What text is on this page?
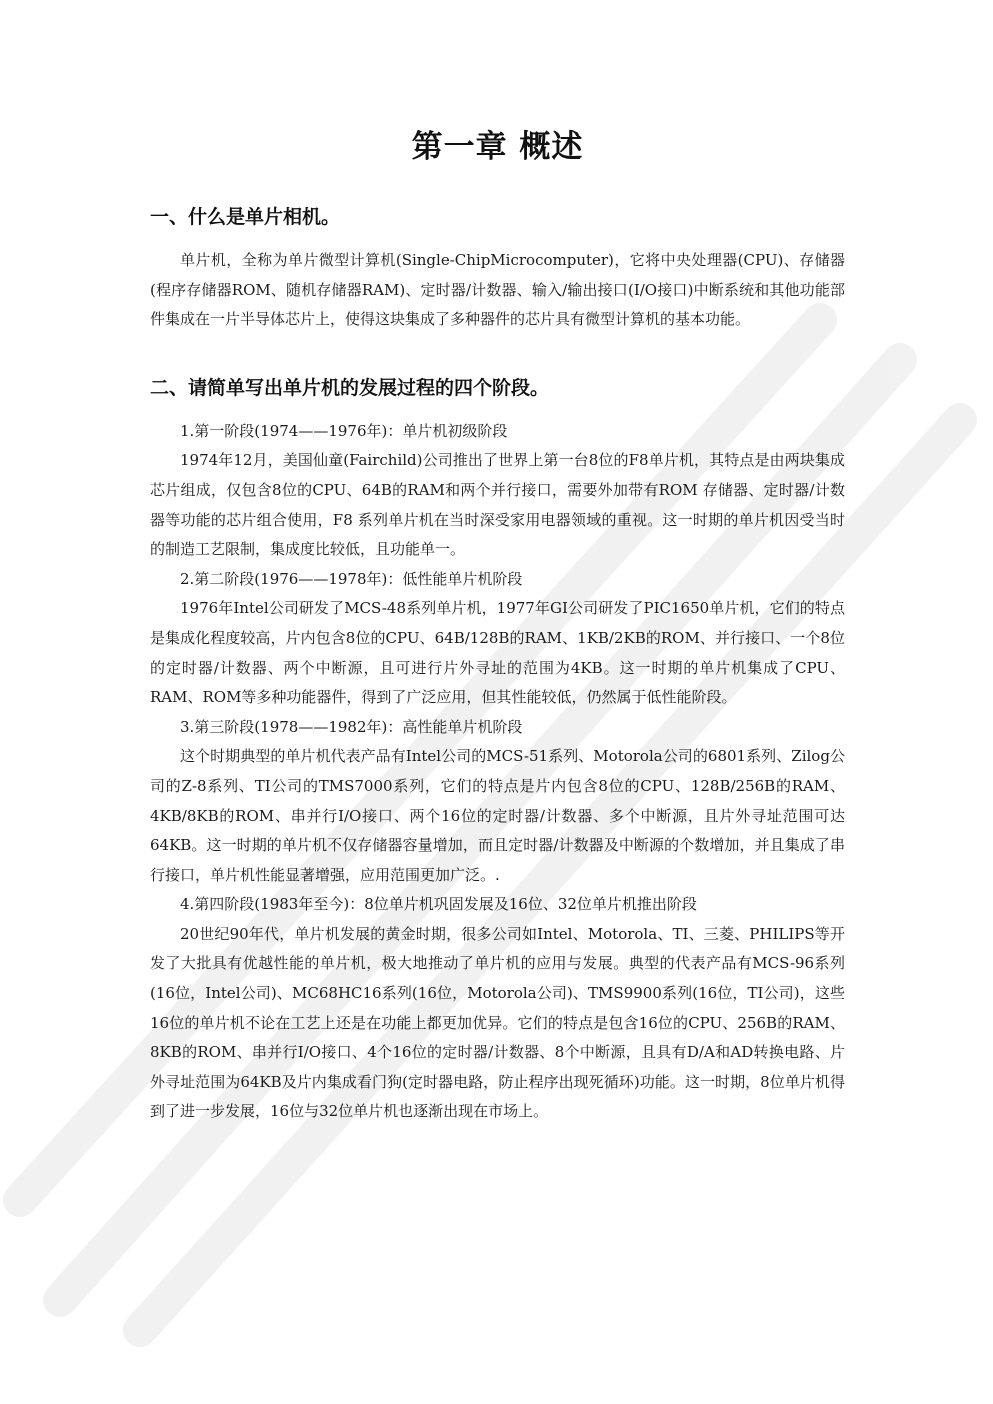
第一章 概述
一、什么是单片相机。

单片机，全称为单片微型计算机(Single-ChipMicrocomputer)，它将中央处理器(CPU)、存储器(程序存储器ROM、随机存储器RAM)、定时器/计数器、输入/输出接口(I/O接口)中断系统和其他功能部件集成在一片半导体芯片上，使得这块集成了多种器件的芯片具有微型计算机的基本功能。

二、请简单写出单片机的发展过程的四个阶段。

1.第一阶段(1974——1976年)：单片机初级阶段

1974年12月，美国仙童(Fairchild)公司推出了世界上第一台8位的F8单片机，其特点是由两块集成芯片组成，仅包含8位的CPU、64B的RAM和两个并行接口，需要外加带有ROM 存储器、定时器/计数器等功能的芯片组合使用，F8 系列单片机在当时深受家用电器领域的重视。这一时期的单片机因受当时的制造工艺限制，集成度比较低，且功能单一。

2.第二阶段(1976——1978年)：低性能单片机阶段

1976年Intel公司研发了MCS-48系列单片机，1977年GI公司研发了PIC1650单片机，它们的特点是集成化程度较高，片内包含8位的CPU、64B/128B的RAM、1KB/2KB的ROM、并行接口、一个8位的定时器/计数器、两个中断源，且可进行片外寻址的范围为4KB。这一时期的单片机集成了CPU、RAM、ROM等多种功能器件，得到了广泛应用，但其性能较低，仍然属于低性能阶段。

3.第三阶段(1978——1982年)：高性能单片机阶段

这个时期典型的单片机代表产品有Intel公司的MCS-51系列、Motorola公司的6801系列、Zilog公司的Z-8系列、TI公司的TMS7000系列，它们的特点是片内包含8位的CPU、128B/256B的RAM、4KB/8KB的ROM、串并行I/O接口、两个16位的定时器/计数器、多个中断源，且片外寻址范围可达64KB。这一时期的单片机不仅存储器容量增加，而且定时器/计数器及中断源的个数增加，并且集成了串行接口，单片机性能显著增强，应用范围更加广泛。.

4.第四阶段(1983年至今)：8位单片机巩固发展及16位、32位单片机推出阶段

20世纪90年代，单片机发展的黄金时期，很多公司如Intel、Motorola、TI、三菱、PHILIPS等开发了大批具有优越性能的单片机，极大地推动了单片机的应用与发展。典型的代表产品有MCS-96系列(16位，Intel公司)、MC68HC16系列(16位，Motorola公司)、TMS9900系列(16位，TI公司)，这些16位的单片机不论在工艺上还是在功能上都更加优异。它们的特点是包含16位的CPU、256B的RAM、8KB的ROM、串并行I/O接口、4个16位的定时器/计数器、8个中断源，且具有D/A和AD转换电路、片外寻址范围为64KB及片内集成看门狗(定时器电路，防止程序出现死循环)功能。这一时期，8位单片机得到了进一步发展，16位与32位单片机也逐渐出现在市场上。
